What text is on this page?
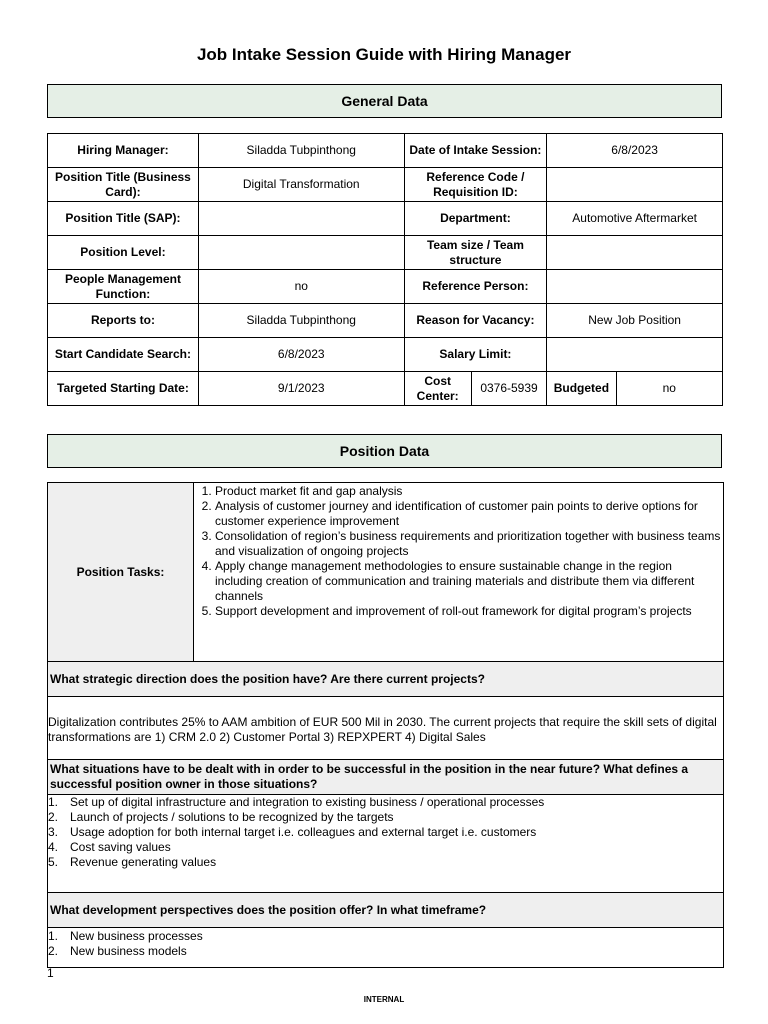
Job Intake Session Guide with Hiring Manager
General Data
Hiring Manager:	Siladda Tubpinthong	Date of Intake Session:		6/8/2023	
Position Title (Business Card):	Digital Transformation	Reference Code / Requisition ID:			
Position Title (SAP):		Department:		Automotive Aftermarket	
Position Level:		Team size / Team structure			
People Management Function:	no	Reference Person:			
Reports to:	Siladda Tubpinthong	Reason for Vacancy:		New Job Position	
Start Candidate Search:	6/8/2023	Salary Limit:			
Targeted Starting Date:	9/1/2023	Cost Center:	0376-5939	Budgeted	no
Position Data
Position Tasks:	
1. Product market fit and gap analysis
2. Analysis of customer journey and identification of customer pain points to derive options for customer experience improvement
3. Consolidation of region’s business requirements and prioritization together with business teams and visualization of ongoing projects
4. Apply change management methodologies to ensure sustainable change in the region including creation of communication and training materials and distribute them via different channels
5. Support development and improvement of roll-out framework for digital program’s projects

What strategic direction does the position have? Are there current projects?
Digitalization contributes 25% to AAM ambition of EUR 500 Mil in 2030. The current projects that require the skill sets of digital transformations are 1) CRM 2.0 2) Customer Portal 3) REPXPERT 4) Digital Sales
What situations have to be dealt with in order to be successful in the position in the near future? What defines a successful position owner in those situations?

1. Set up of digital infrastructure and integration to existing business / operational processes
2. Launch of projects / solutions to be recognized by the targets
3. Usage adoption for both internal target i.e. colleagues and external target i.e. customers
4. Cost saving values
5. Revenue generating values

What development perspectives does the position offer? In what timeframe?

1. New business processes
2. New business models
1
INTERNAL
